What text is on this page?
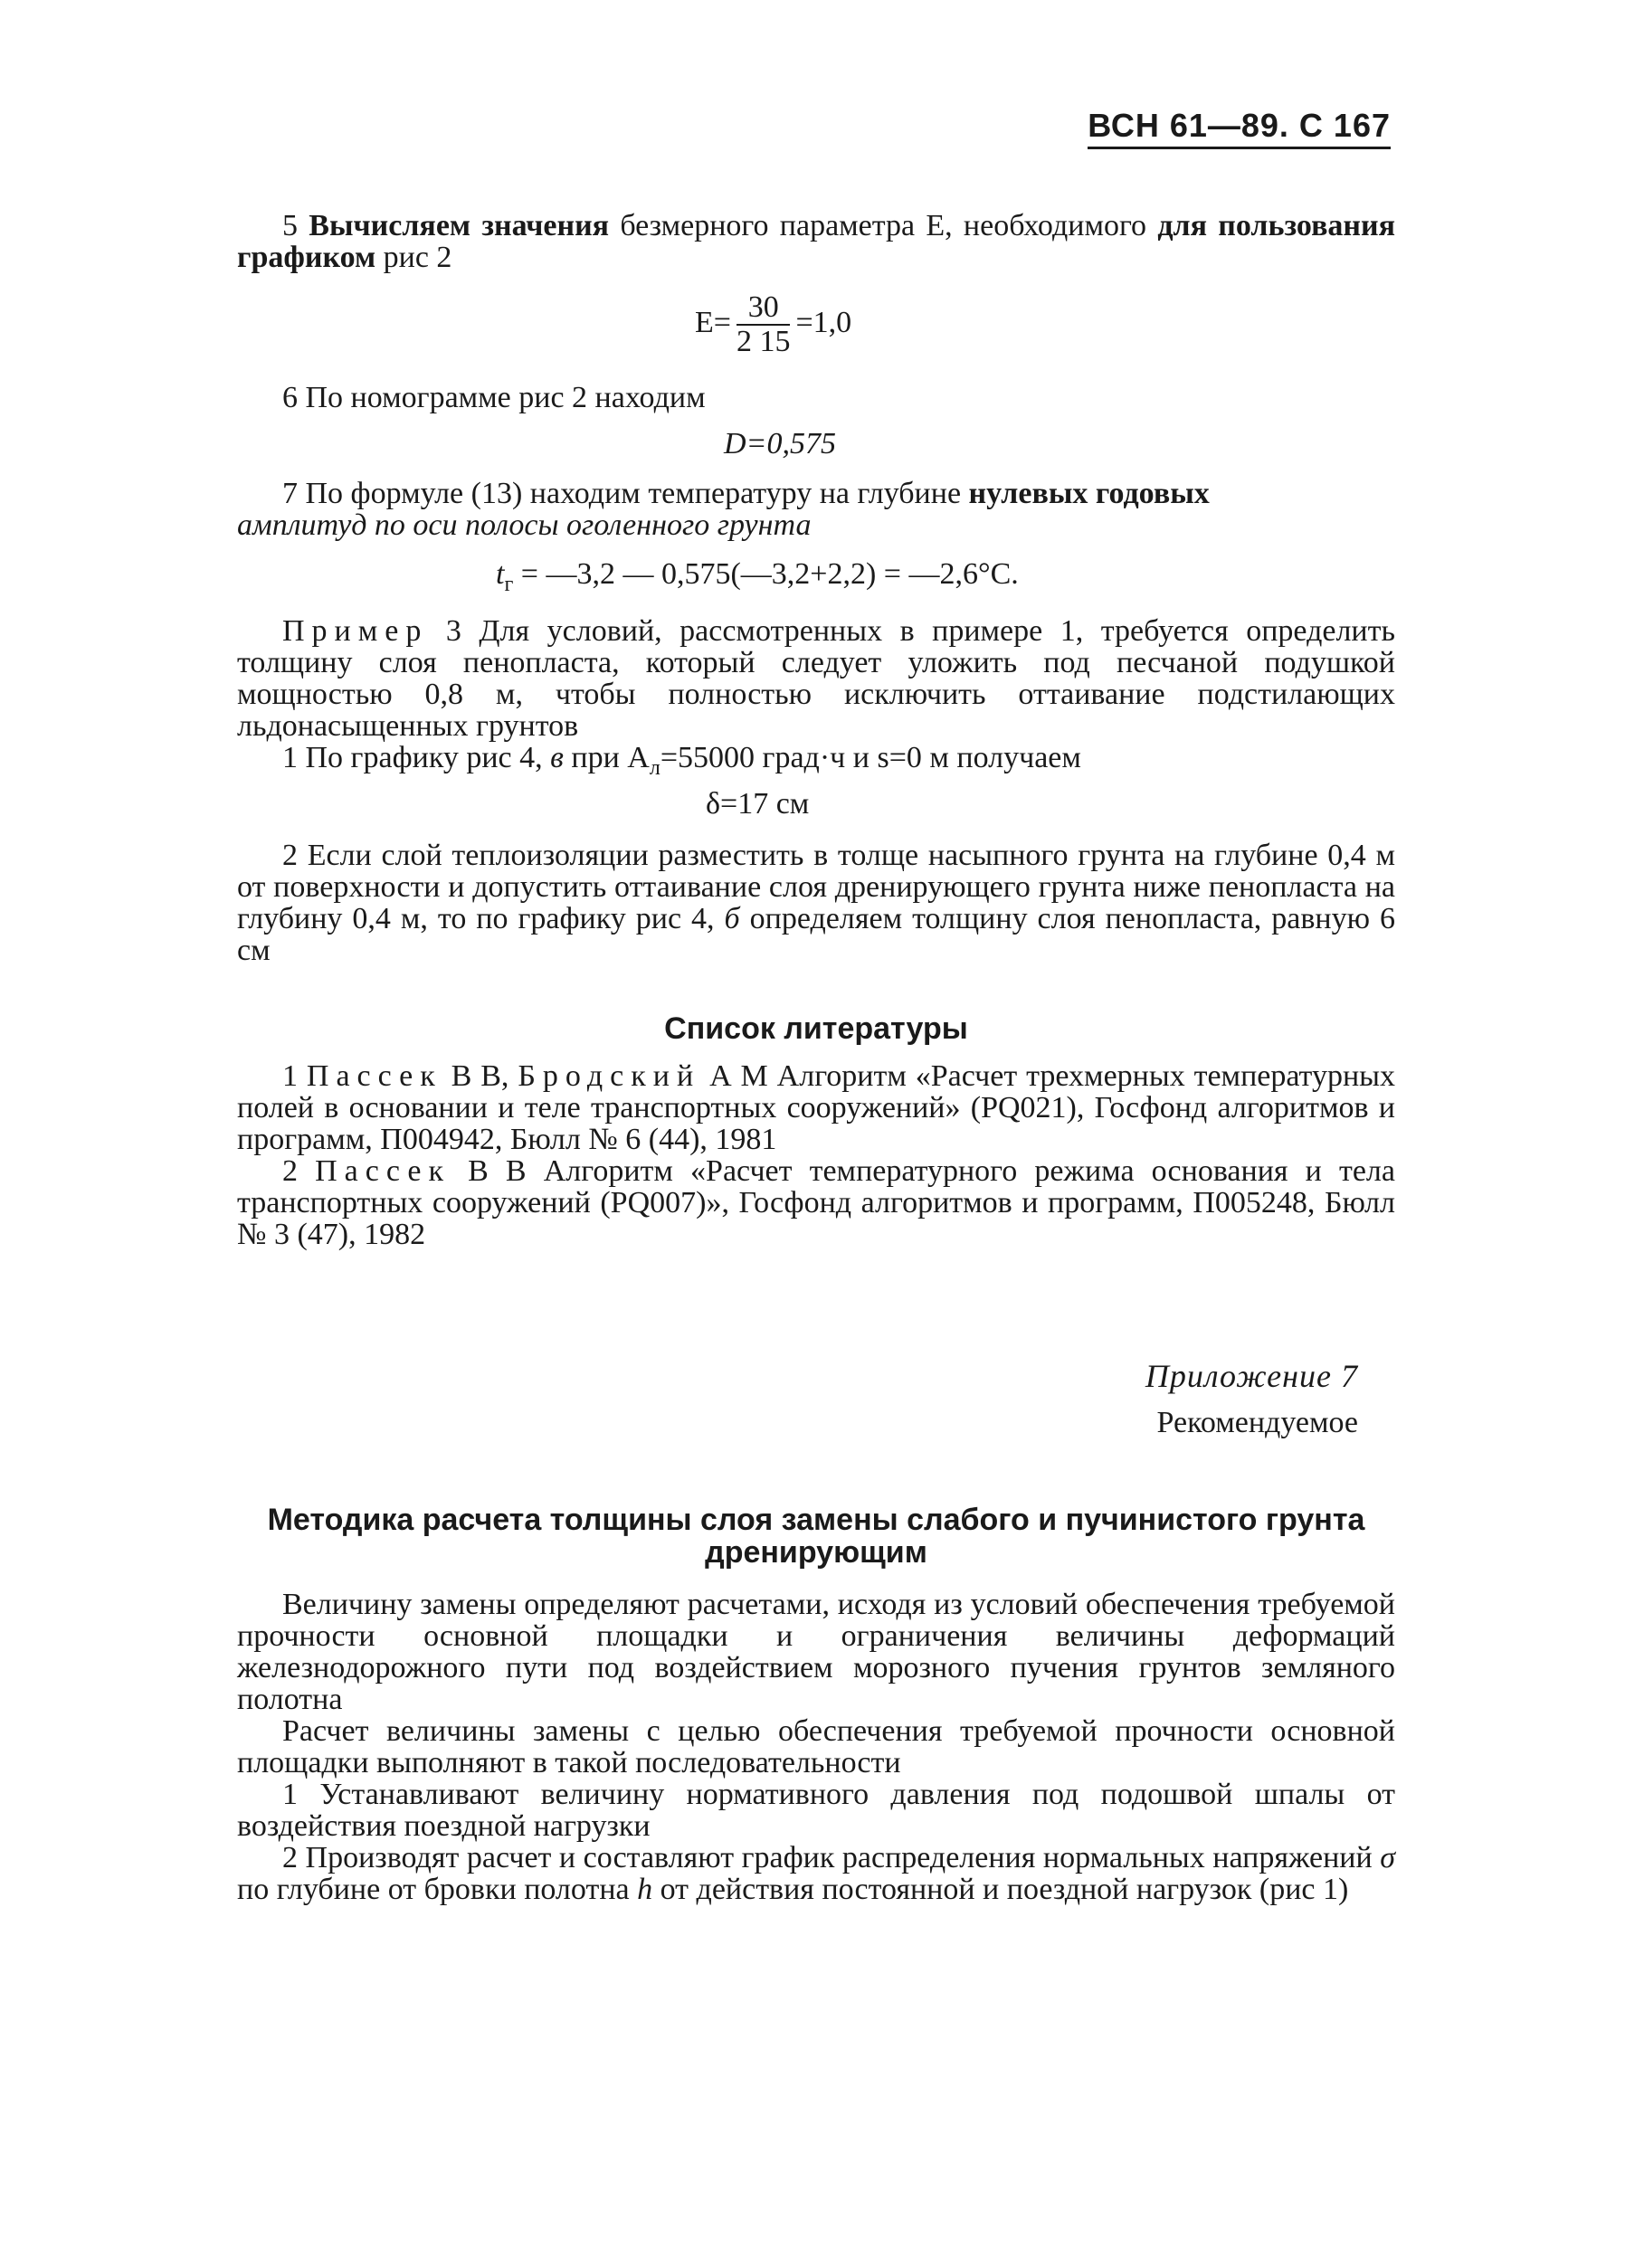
ВСН 61—89. С 167

5 Вычисляем значения безмерного параметра E, необходимого для пользования графиком рис 2

$E= \frac{30}{2 15} =1,0$

6 По номограмме рис 2 находим

D=0,575

7 По формуле (13) находим температуру на глубине нулевых годовых

амплитуд по оси полосы оголенного грунта

$t_г$ = —3,2 — 0,575(—3,2+2,2) = —2,6°C.

Пример 3 Для условий, рассмотренных в примере 1, требуется определить толщину слоя пенопласта, который следует уложить под песчаной подушкой мощностью 0,8 м, чтобы полностью исключить оттаивание подстилающих льдонасыщенных грунтов

1 По графику рис 4, в при $A_л=55000$ град·ч и s=0 м получаем

δ=17 см

2 Если слой теплоизоляции разместить в толще насыпного грунта на глубине 0,4 м от поверхности и допустить оттаивание слоя дренирующего грунта ниже пенопласта на глубину 0,4 м, то по графику рис 4, б определяем толщину слоя пенопласта, равную 6 см

Список литературы

1 Пассек В В, Бродский А М Алгоритм «Расчет трехмерных температурных полей в основании и теле транспортных сооружений» (PQ021), Госфонд алгоритмов и программ, П004942, Бюлл № 6 (44), 1981

2 Пассек В В Алгоритм «Расчет температурного режима основания и тела транспортных сооружений (PQ007)», Госфонд алгоритмов и программ, П005248, Бюлл № 3 (47), 1982

Приложение 7
Рекомендуемое
Методика расчета толщины слоя замены слабого и пучинистого грунта
дренирующим

Величину замены определяют расчетами, исходя из условий обеспечения требуемой прочности основной площадки и ограничения величины деформаций железнодорожного пути под воздействием морозного пучения грунтов земляного полотна

Расчет величины замены с целью обеспечения требуемой прочности основной площадки выполняют в такой последовательности

1 Устанавливают величину нормативного давления под подошвой шпалы от воздействия поездной нагрузки

2 Производят расчет и составляют график распределения нормальных напряжений σ по глубине от бровки полотна h от действия постоянной и поездной нагрузок (рис 1)
